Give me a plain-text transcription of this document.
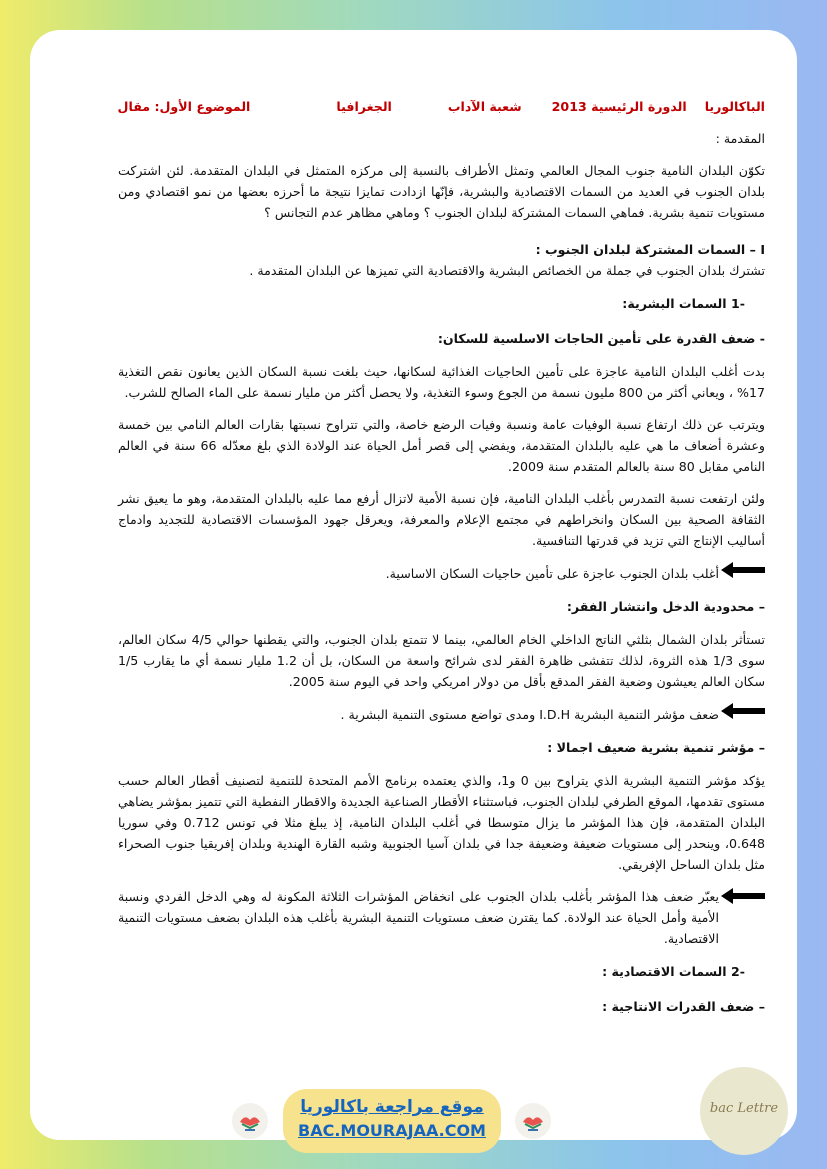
الباكالوريا
الدورة الرئيسية 2013
شعبة الآداب
الجغرافيا
الموضوع الأول: مقال

المقدمة :

تكوّن البلدان النامية جنوب المجال العالمي وتمثل الأطراف بالنسبة إلى مركزه المتمثل في البلدان المتقدمة. لئن اشتركت بلدان الجنوب في العديد من السمات الاقتصادية والبشرية، فإنّها ازدادت تمايزا نتيجة ما أحرزه بعضها من نمو اقتصادي ومن مستويات تنمية بشرية. فماهي السمات المشتركة لبلدان الجنوب ؟ وماهي مظاهر عدم التجانس ؟

I – السمات المشتركة لبلدان الجنوب :

تشترك بلدان الجنوب في جملة من الخصائص البشرية والاقتصادية التي تميزها عن البلدان المتقدمة .

-1 السمات البشرية:

- ضعف القدرة على تأمين الحاجات الاسلسية للسكان:

بدت أغلب البلدان النامية عاجزة على تأمين الحاجيات الغذائية لسكانها، حيث بلغت نسبة السكان الذين يعانون نقص التغذية 17% ، ويعاني أكثر من 800 مليون نسمة من الجوع وسوء التغذية، ولا يحصل أكثر من مليار نسمة على الماء الصالح للشرب.

ويترتب عن ذلك ارتفاع نسبة الوفيات عامة ونسبة وفيات الرضع خاصة، والتي تتراوح نسبتها بقارات العالم النامي بين خمسة وعشرة أضعاف ما هي عليه بالبلدان المتقدمة، ويفضي إلى قصر أمل الحياة عند الولادة الذي بلغ معدّله 66 سنة في العالم النامي مقابل 80 سنة بالعالم المتقدم سنة 2009.

ولئن ارتفعت نسبة التمدرس بأغلب البلدان النامية، فإن نسبة الأمية لاتزال أرفع مما عليه بالبلدان المتقدمة، وهو ما يعيق نشر الثقافة الصحية بين السكان وانخراطهم في مجتمع الإعلام والمعرفة، ويعرقل جهود المؤسسات الاقتصادية للتجديد وادماج أساليب الإنتاج التي تزيد في قدرتها التنافسية.

أغلب بلدان الجنوب عاجزة على تأمين حاجيات السكان الاساسية.

– محدودية الدخل وانتشار الفقر:

تستأثر بلدان الشمال بثلثي الناتج الداخلي الخام العالمي، بينما لا تتمتع بلدان الجنوب، والتي يقطنها حوالي 4/5 سكان العالم، سوى 1/3 هذه الثروة، لذلك تتفشى ظاهرة الفقر لدى شرائح واسعة من السكان، بل أن 1.2 مليار نسمة أي ما يقارب 1/5 سكان العالم يعيشون وضعية الفقر المدقع بأقل من دولار امريكي واحد في اليوم سنة 2005.

ضعف مؤشر التنمية البشرية I.D.H ومدى تواضع مستوى التنمية البشرية .

– مؤشر تنمية بشرية ضعيف اجمالا :

يؤكد مؤشر التنمية البشرية الذي يتراوح بين 0 و1، والذي يعتمده برنامج الأمم المتحدة للتنمية لتصنيف أقطار العالم حسب مستوى تقدمها، الموقع الطرفي لبلدان الجنوب، فباستثناء الأقطار الصناعية الجديدة والاقطار النفطية التي تتميز بمؤشر يضاهي البلدان المتقدمة، فإن هذا المؤشر ما يزال متوسطا في أغلب البلدان النامية، إذ يبلغ مثلا في تونس 0.712 وفي سوريا 0.648، وينحدر إلى مستويات ضعيفة وضعيفة جدا في بلدان آسيا الجنوبية وشبه القارة الهندية وبلدان إفريقيا جنوب الصحراء مثل بلدان الساحل الإفريقي.

يعبّر ضعف هذا المؤشر بأغلب بلدان الجنوب على انخفاض المؤشرات الثلاثة المكونة له وهي الدخل الفردي ونسبة الأمية وأمل الحياة عند الولادة. كما يقترن ضعف مستويات التنمية البشرية بأغلب هذه البلدان بضعف مستويات التنمية الاقتصادية.

-2 السمات الاقتصادية :

– ضعف القدرات الانتاجية :

موقع مراجعة باكالوريا
BAC.MOURAJAA.COM
bac Lettre
